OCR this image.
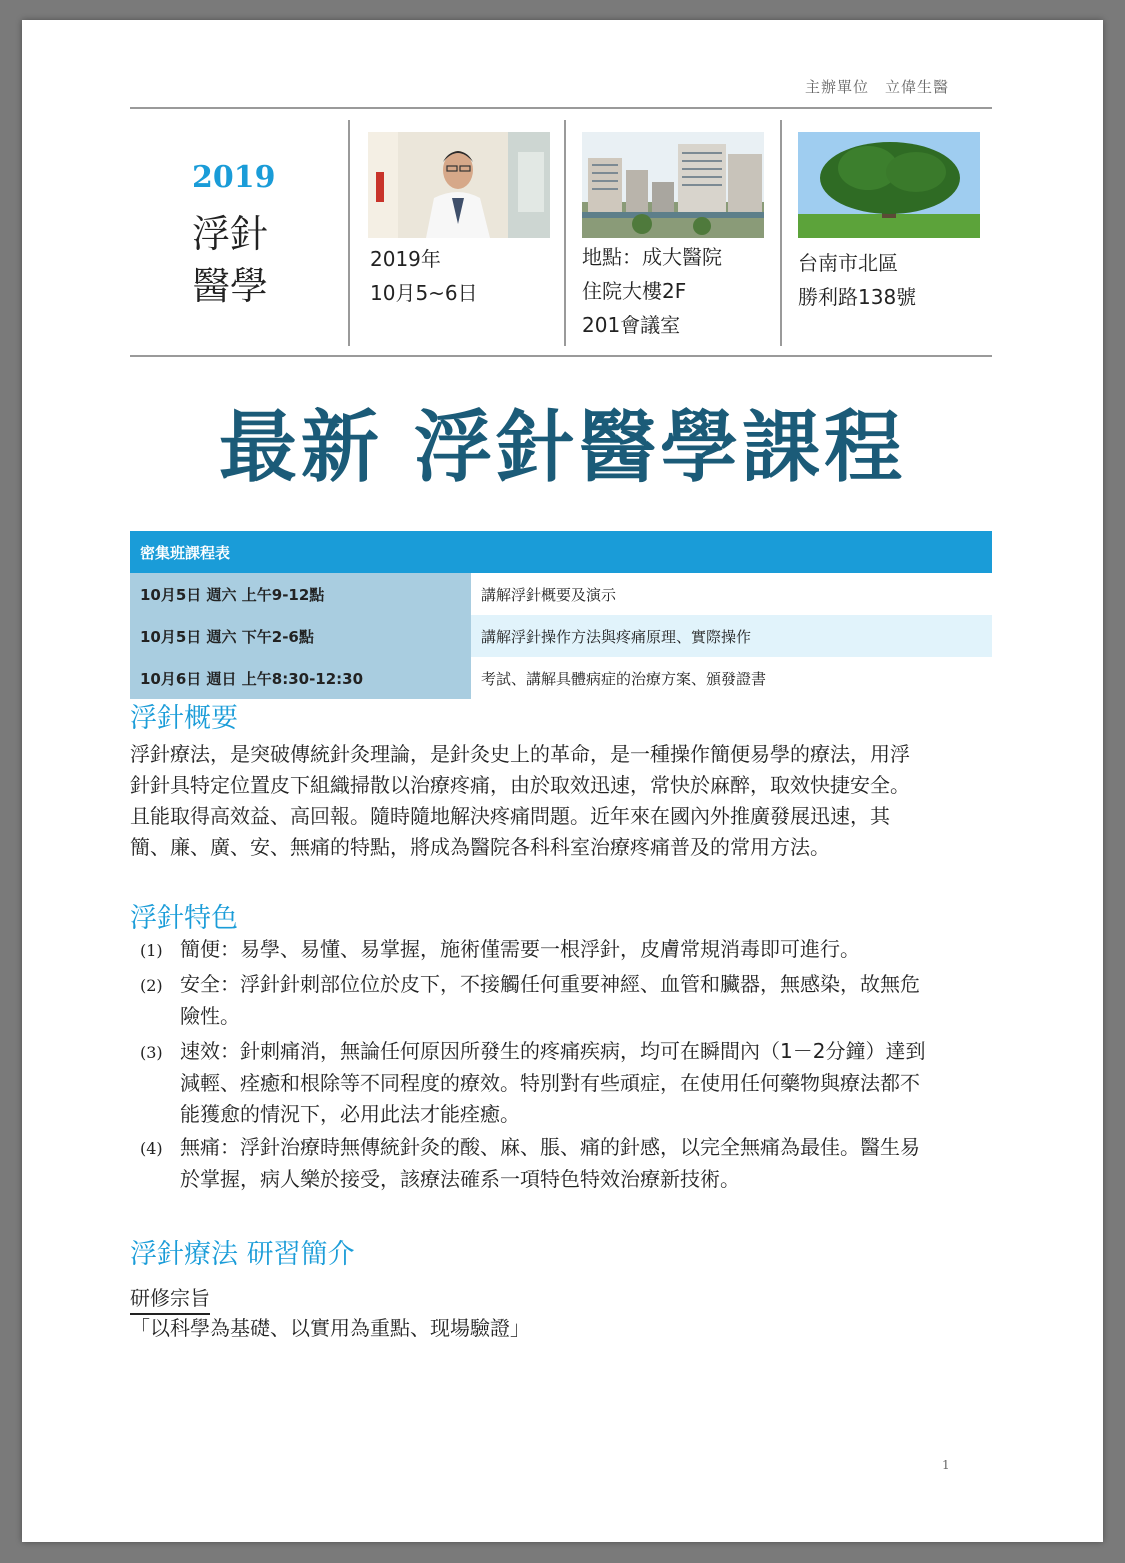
主辦單位　立偉生醫
2019
浮針
醫學
2019年
10月5~6日
地點：成大醫院
住院大樓2F
201會議室
台南市北區
勝利路138號
最新 浮針醫學課程
密集班課程表	
10月5日 週六 上午9-12點	講解浮針概要及演示
10月5日 週六 下午2-6點	講解浮針操作方法與疼痛原理、實際操作
10月6日 週日 上午8:30-12:30	考試、講解具體病症的治療方案、頒發證書
浮針概要
浮針療法，是突破傳統針灸理論，是針灸史上的革命，是一種操作簡便易學的療法，用浮
針針具特定位置皮下組織掃散以治療疼痛，由於取效迅速，常快於麻醉，取效快捷安全。
且能取得高效益、高回報。隨時隨地解決疼痛問題。近年來在國內外推廣發展迅速，其
簡、廉、廣、安、無痛的特點，將成為醫院各科科室治療疼痛普及的常用方法。
浮針特色
(1) 簡便：易學、易懂、易掌握，施術僅需要一根浮針，皮膚常規消毒即可進行。
(2) 安全：浮針針刺部位位於皮下，不接觸任何重要神經、血管和臟器，無感染，故無危
險性。
(3) 速效：針刺痛消，無論任何原因所發生的疼痛疾病，均可在瞬間內（1－2分鐘）達到
減輕、痊癒和根除等不同程度的療效。特別對有些頑症，在使用任何藥物與療法都不
能獲愈的情況下，必用此法才能痊癒。
(4) 無痛：浮針治療時無傳統針灸的酸、麻、脹、痛的針感，以完全無痛為最佳。醫生易
於掌握，病人樂於接受，該療法確系一項特色特效治療新技術。
浮針療法 研習簡介
研修宗旨
「以科學為基礎、以實用為重點、现場驗證」
1
